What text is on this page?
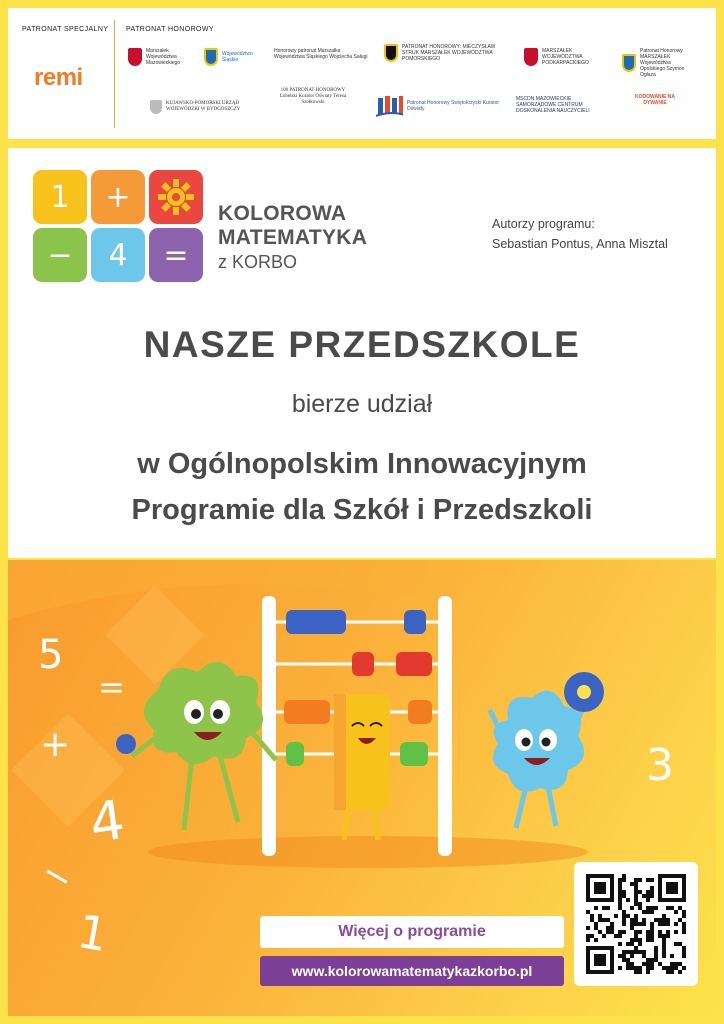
PATRONAT SPECJALNY	PATRONAT HONOROWY
remi
Marszałek Województwa Mazowieckiego
Województwo Śląskie
Honorowy patronat Marszałka Województwa Śląskiego Wojciecha Saługi
PATRONAT HONOROWY: MIECZYSŁAW STRUK MARSZAŁEK WOJEWÓDZTWA POMORSKIEGO
MARSZAŁEK WOJEWÓDZTWA PODKARPACKIEGO
Patronat Honorowy MARSZAŁEK Województwa Opolskiego Szymon Ogłaza
KUJAWSKO-POMORSKI URZĄD WOJEWÓDZKI W BYDGOSZCZY
100 PATRONAT HONOROWY Lubelski Kurator Oświaty Teresa Szołkowski	Patronat Honorowy Świętokrzyski Kurator Oświaty
MSCDN MAZOWIECKIE SAMORZĄDOWE CENTRUM DOSKONALENIA NAUCZYCIELI
KODOWANIE NA DYWANIE
1	+
−	4	=
KOLOROWA
MATEMATYKA
z KORBO
Autorzy programu:
Sebastian Pontus, Anna Misztal
NASZE PRZEDSZKOLE
bierze udział
w Ogólnopolskim Innowacyjnym
Programie dla Szkół i Przedszkoli
5
=
+
4
−
1
3
Więcej o programie
www.kolorowamatematykazkorbo.pl
